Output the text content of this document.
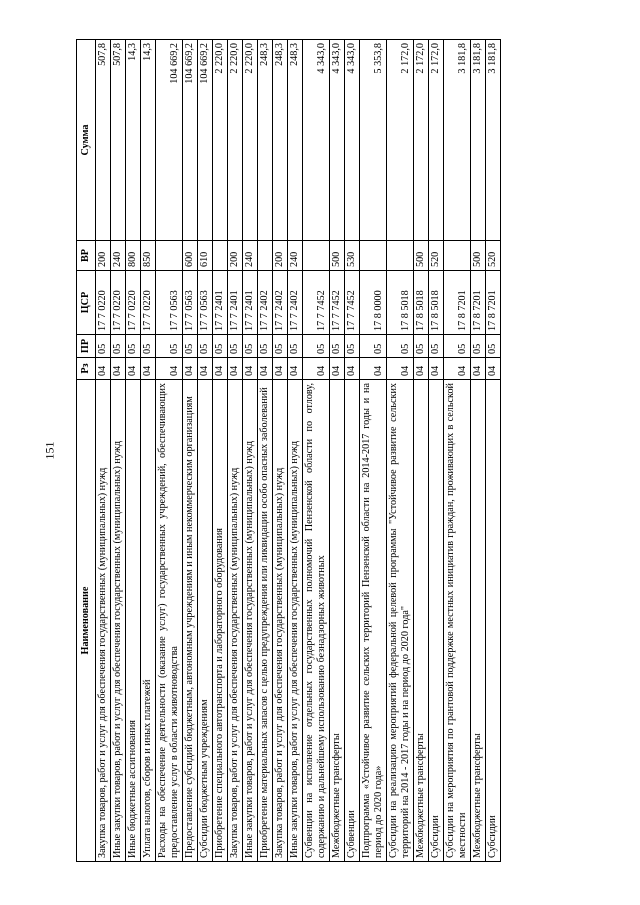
151
Наименование	Рз	ПР	ЦСР	ВР	Сумма
Закупка товаров, работ и услуг для обеспечения государственных (муниципальных) нужд	04	05	17 7 0220	200	507,8
Иные закупки товаров, работ и услуг для обеспечения государственных (муниципальных) нужд	04	05	17 7 0220	240	507,8
Иные бюджетные ассигнования	04	05	17 7 0220	800	14,3
Уплата налогов, сборов и иных платежей	04	05	17 7 0220	850	14,3
Расходы на обеспечение деятельности (оказание услуг) государственных учреждений, обеспечивающих предоставление услуг в области животноводства	04	05	17 7 0563		104 669,2
Предоставление субсидий бюджетным, автономным учреждениям и иным некоммерческим организациям	04	05	17 7 0563	600	104 669,2
Субсидии бюджетным учреждениям	04	05	17 7 0563	610	104 669,2
Приобретение специального автотранспорта и лабораторного оборудования	04	05	17 7 2401		2 220,0
Закупка товаров, работ и услуг для обеспечения государственных (муниципальных) нужд	04	05	17 7 2401	200	2 220,0
Иные закупки товаров, работ и услуг для обеспечения государственных (муниципальных) нужд	04	05	17 7 2401	240	2 220,0
Приобретение материальных запасов с целью предупреждения или ликвидации особо опасных заболеваний	04	05	17 7 2402		248,3
Закупка товаров, работ и услуг для обеспечения государственных (муниципальных) нужд	04	05	17 7 2402	200	248,3
Иные закупки товаров, работ и услуг для обеспечения государственных (муниципальных) нужд	04	05	17 7 2402	240	248,3
Субвенции на исполнение отдельных государственных полномочий Пензенской области по отлову, содержанию и дальнейшему использованию безнадзорных животных	04	05	17 7 7452		4 343,0
Межбюджетные трансферты	04	05	17 7 7452	500	4 343,0
Субвенции	04	05	17 7 7452	530	4 343,0
Подпрограмма «Устойчивое развитие сельских территорий Пензенской области на 2014-2017 годы и на период до 2020 года»	04	05	17 8 0000		5 353,8
Субсидии на реализацию мероприятий федеральной целевой программы "Устойчивое развитие сельских территорий на 2014 - 2017 годы и на период до 2020 года"	04	05	17 8 5018		2 172,0
Межбюджетные трансферты	04	05	17 8 5018	500	2 172,0
Субсидии	04	05	17 8 5018	520	2 172,0
Субсидии на мероприятия по грантовой поддержке местных инициатив граждан, проживающих в сельской местности	04	05	17 8 7201		3 181,8
Межбюджетные трансферты	04	05	17 8 7201	500	3 181,8
Субсидии	04	05	17 8 7201	520	3 181,8
